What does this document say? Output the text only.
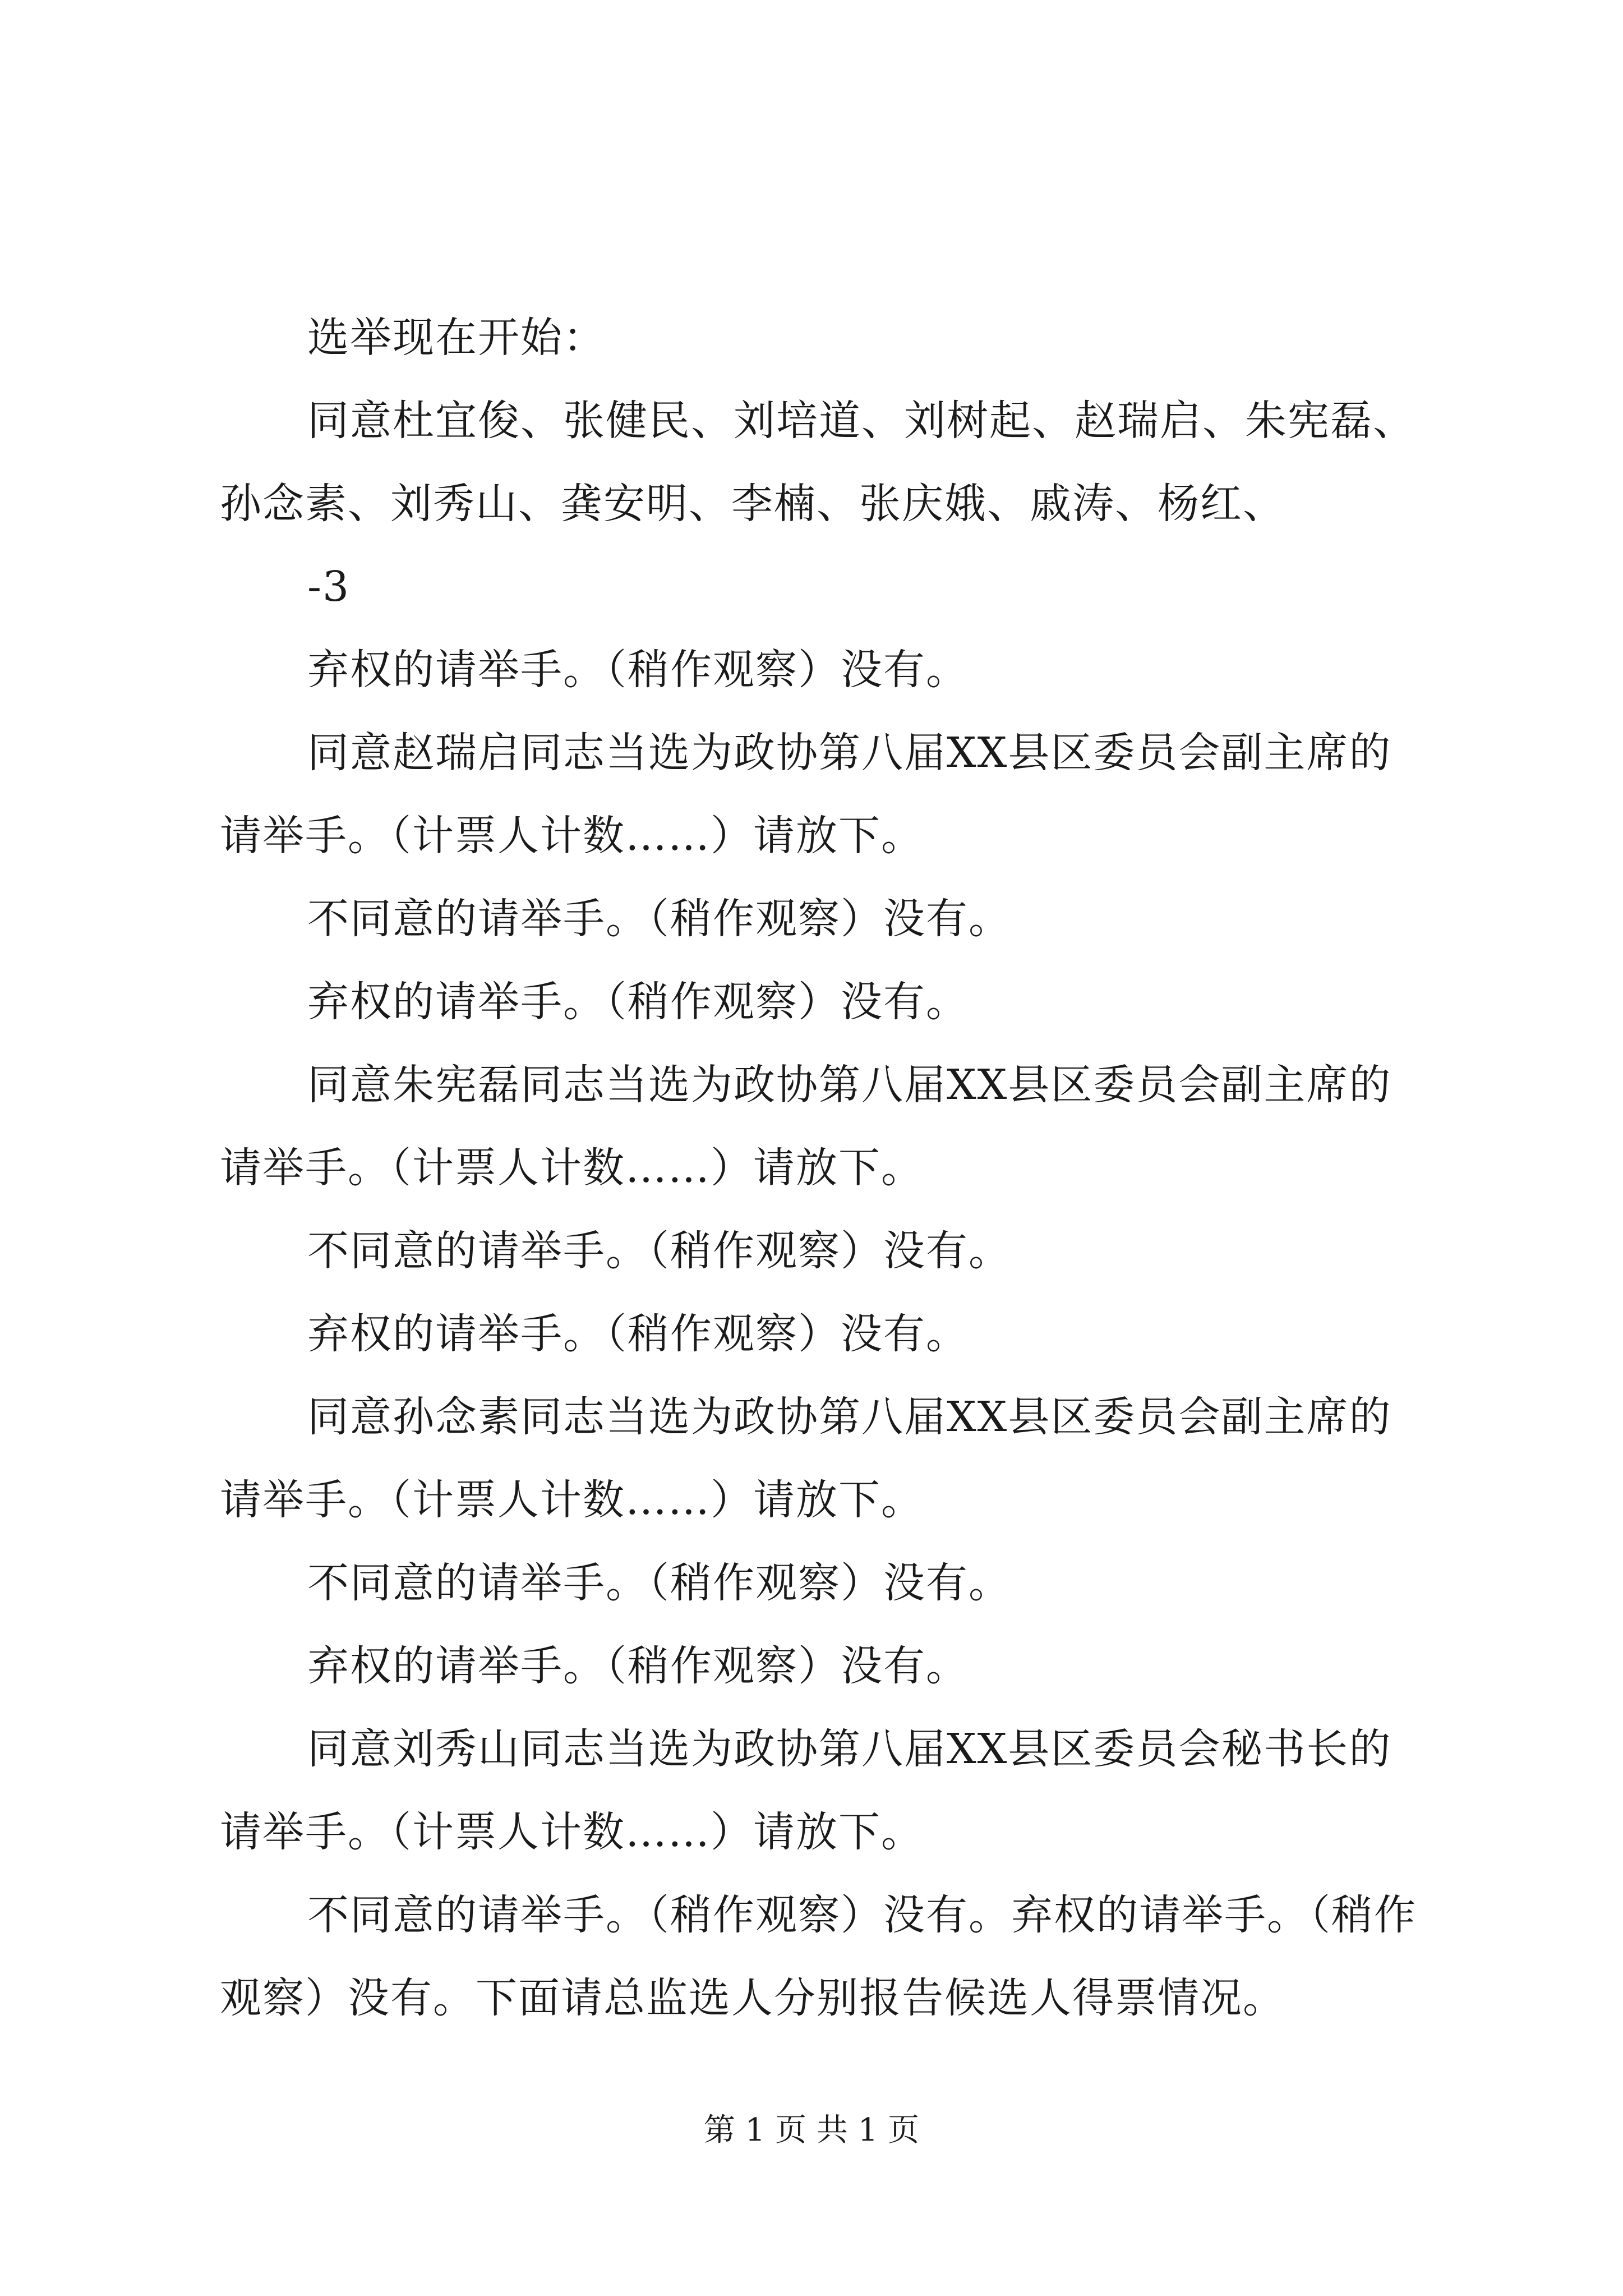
选举现在开始：
同意杜宜俊、张健民、刘培道、刘树起、赵瑞启、朱宪磊、
孙念素、刘秀山、龚安明、李楠、张庆娥、戚涛、杨红、
-3
弃权的请举手。（稍作观察）没有。
同意赵瑞启同志当选为政协第八届XX县区委员会副主席的
请举手。（计票人计数……）请放下。
不同意的请举手。（稍作观察）没有。
弃权的请举手。（稍作观察）没有。
同意朱宪磊同志当选为政协第八届XX县区委员会副主席的
请举手。（计票人计数……）请放下。
不同意的请举手。（稍作观察）没有。
弃权的请举手。（稍作观察）没有。
同意孙念素同志当选为政协第八届XX县区委员会副主席的
请举手。（计票人计数……）请放下。
不同意的请举手。（稍作观察）没有。
弃权的请举手。（稍作观察）没有。
同意刘秀山同志当选为政协第八届XX县区委员会秘书长的
请举手。（计票人计数……）请放下。
不同意的请举手。（稍作观察）没有。弃权的请举手。（稍作
观察）没有。下面请总监选人分别报告候选人得票情况。
第 1 页 共 1 页
